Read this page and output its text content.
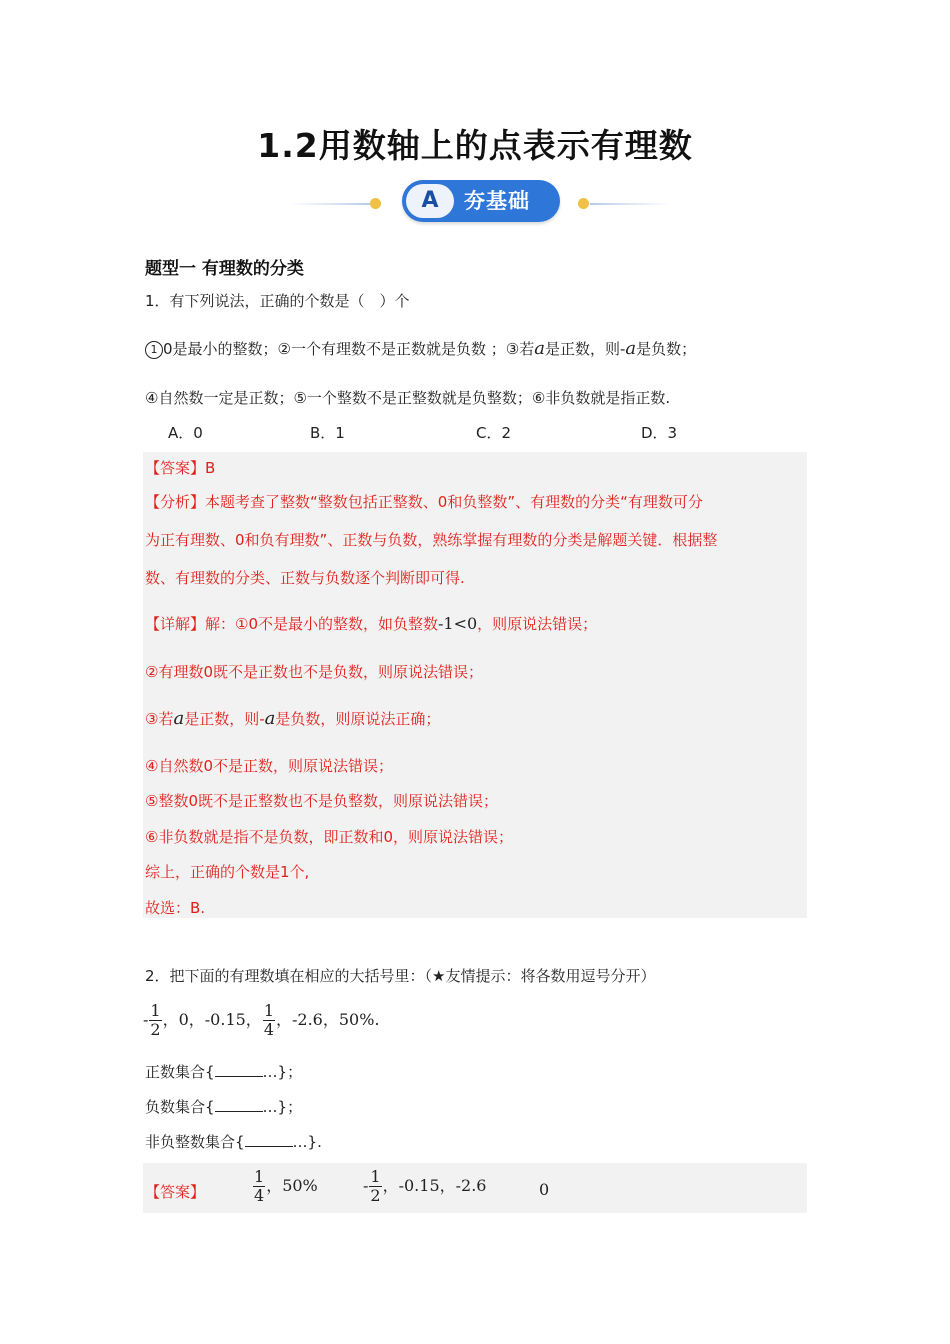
1.2用数轴上的点表示有理数
A	夯基础
题型一 有理数的分类
1．有下列说法，正确的个数是（　）个
1 0是最小的整数；②一个有理数不是正数就是负数 ；③若a是正数，则-a是负数；
④自然数一定是正数；⑤一个整数不是正整数就是负整数；⑥非负数就是指正数.
A．0	B．1	C．2	D．3
【答案】B
【分析】本题考查了整数“整数包括正整数、0和负整数”、有理数的分类“有理数可分
为正有理数、0和负有理数”、正数与负数，熟练掌握有理数的分类是解题关键．根据整
数、有理数的分类、正数与负数逐个判断即可得.
【详解】解：①0不是最小的整数，如负整数-1<0，则原说法错误；
②有理数0既不是正数也不是负数，则原说法错误；
③若a是正数，则-a是负数，则原说法正确；
④自然数0不是正数，则原说法错误；
⑤整数0既不是正整数也不是负整数，则原说法错误；
⑥非负数就是指不是负数，即正数和0，则原说法错误；
综上，正确的个数是1个,
故选：B.
2．把下面的有理数填在相应的大括号里：（★友情提示：将各数用逗号分开）
- $\frac{1}{2}$ ，0，-0.15， $\frac{1}{4}$ ，-2.6，50%.
正数集合{	…}；
负数集合{	…}；
非负整数集合{	…}.
【答案】	$\frac{1}{4}$ ，50%	- $\frac{1}{2}$ ，-0.15，-2.6	0
